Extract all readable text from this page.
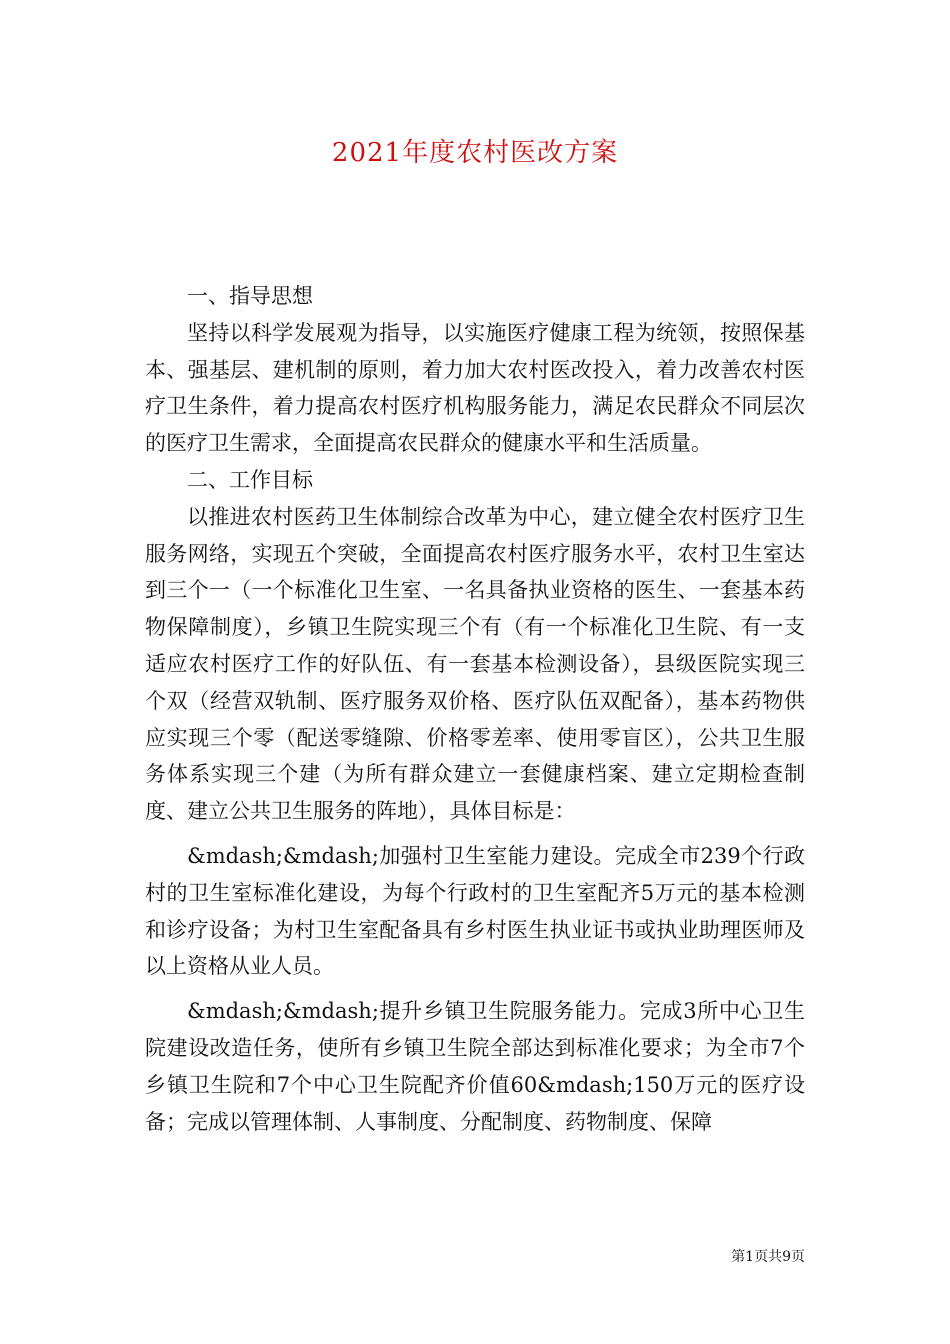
2021年度农村医改方案

一、指导思想

坚持以科学发展观为指导，以实施医疗健康工程为统领，按照保基本、强基层、建机制的原则，着力加大农村医改投入，着力改善农村医疗卫生条件，着力提高农村医疗机构服务能力，满足农民群众不同层次的医疗卫生需求，全面提高农民群众的健康水平和生活质量。

二、工作目标

以推进农村医药卫生体制综合改革为中心，建立健全农村医疗卫生服务网络，实现五个突破，全面提高农村医疗服务水平，农村卫生室达到三个一（一个标准化卫生室、一名具备执业资格的医生、一套基本药物保障制度），乡镇卫生院实现三个有（有一个标准化卫生院、有一支适应农村医疗工作的好队伍、有一套基本检测设备），县级医院实现三个双（经营双轨制、医疗服务双价格、医疗队伍双配备），基本药物供应实现三个零（配送零缝隙、价格零差率、使用零盲区），公共卫生服务体系实现三个建（为所有群众建立一套健康档案、建立定期检查制度、建立公共卫生服务的阵地），具体目标是：

&mdash;&mdash;加强村卫生室能力建设。完成全市239个行政村的卫生室标准化建设，为每个行政村的卫生室配齐5万元的基本检测和诊疗设备；为村卫生室配备具有乡村医生执业证书或执业助理医师及以上资格从业人员。

&mdash;&mdash;提升乡镇卫生院服务能力。完成3所中心卫生院建设改造任务，使所有乡镇卫生院全部达到标准化要求；为全市7个乡镇卫生院和7个中心卫生院配齐价值60&mdash;150万元的医疗设备；完成以管理体制、人事制度、分配制度、药物制度、保障

第1页共9页
